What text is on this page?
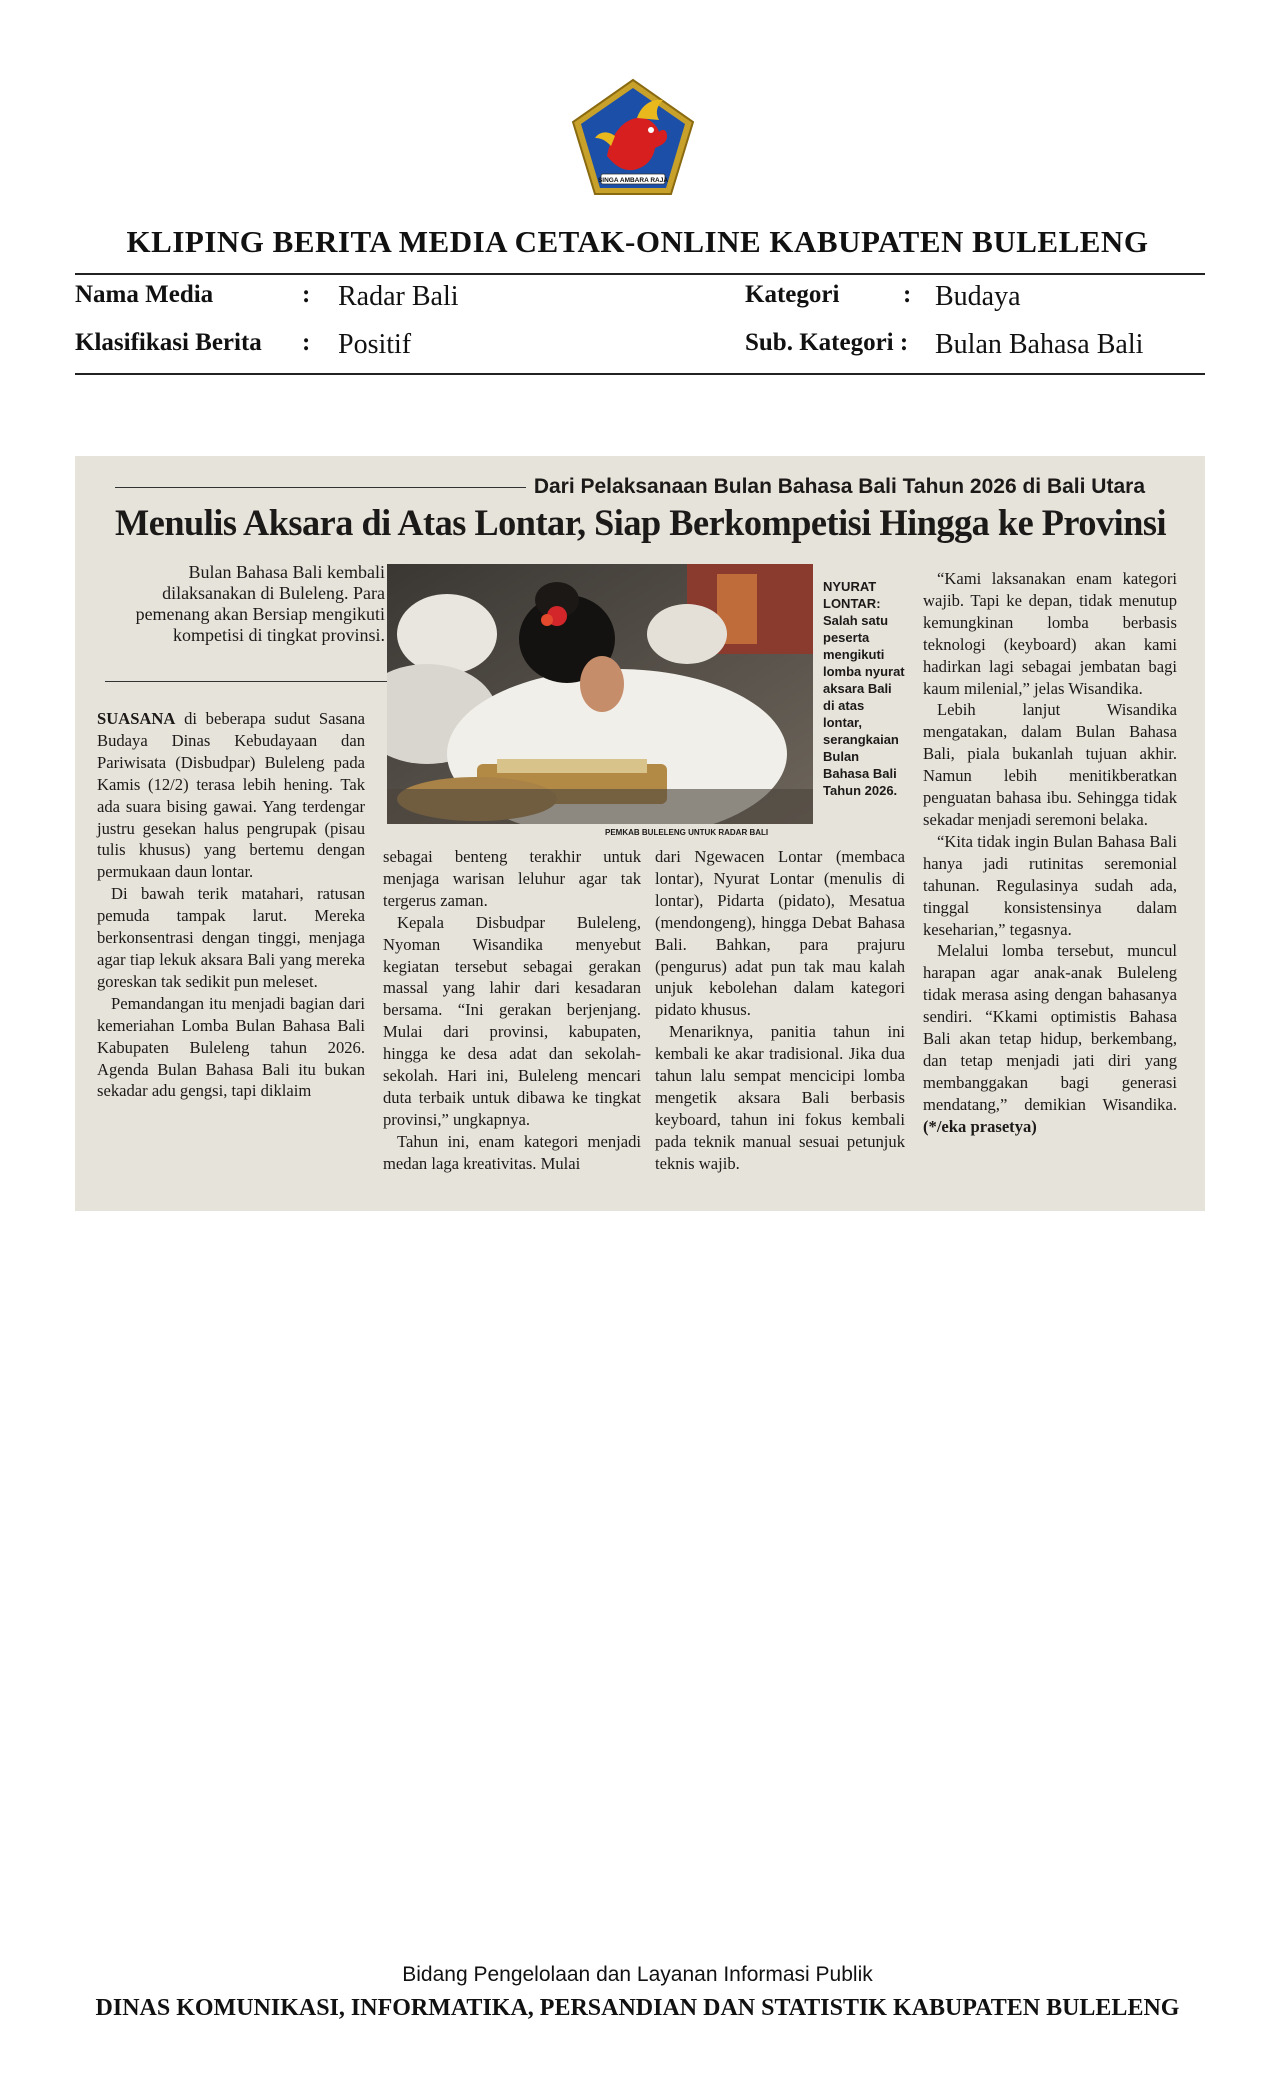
SINGA AMBARA RAJA
KLIPING BERITA MEDIA CETAK-ONLINE KABUPATEN BULELENG
Nama Media	: Radar Bali
Klasifikasi Berita : Positif
Kategori	: Budaya
Sub. Kategori : Bulan Bahasa Bali
Dari Pelaksanaan Bulan Bahasa Bali Tahun 2026 di Bali Utara
Menulis Aksara di Atas Lontar, Siap Berkompetisi Hingga ke Provinsi
Bulan Bahasa Bali kembali dilaksanakan di Buleleng. Para pemenang akan Bersiap mengikuti kompetisi di tingkat provinsi.
PEMKAB BULELENG UNTUK RADAR BALI
NYURAT LONTAR:
Salah satu peserta mengikuti lomba nyurat aksara Bali di atas lontar, serangkaian Bulan Bahasa Bali Tahun 2026.

SUASANA di beberapa sudut Sasana Budaya Dinas Kebudayaan dan Pariwisata (Disbudpar) Buleleng pada Kamis (12/2) terasa lebih hening. Tak ada suara bising gawai. Yang terdengar justru gesekan halus pengrupak (pisau tulis khusus) yang bertemu dengan permukaan daun lontar.

Di bawah terik matahari, ratusan pemuda tampak larut. Mereka berkonsentrasi dengan tinggi, menjaga agar tiap lekuk aksara Bali yang mereka goreskan tak sedikit pun meleset.

Pemandangan itu menjadi bagian dari kemeriahan Lomba Bulan Bahasa Bali Kabupaten Buleleng tahun 2026. Agenda Bulan Bahasa Bali itu bukan sekadar adu gengsi, tapi diklaim

sebagai benteng terakhir untuk menjaga warisan leluhur agar tak tergerus zaman.

Kepala Disbudpar Buleleng, Nyoman Wisandika menyebut kegiatan tersebut sebagai gerakan massal yang lahir dari kesadaran bersama. “Ini gerakan berjenjang. Mulai dari provinsi, kabupaten, hingga ke desa adat dan sekolah-sekolah. Hari ini, Buleleng mencari duta terbaik untuk dibawa ke tingkat provinsi,” ungkapnya.

Tahun ini, enam kategori menjadi medan laga kreativitas. Mulai

dari Ngewacen Lontar (membaca lontar), Nyurat Lontar (menulis di lontar), Pidarta (pidato), Mesatua (mendongeng), hingga Debat Bahasa Bali. Bahkan, para prajuru (pengurus) adat pun tak mau kalah unjuk kebolehan dalam kategori pidato khusus.

Menariknya, panitia tahun ini kembali ke akar tradisional. Jika dua tahun lalu sempat mencicipi lomba mengetik aksara Bali berbasis keyboard, tahun ini fokus kembali pada teknik manual sesuai petunjuk teknis wajib.

“Kami laksanakan enam kategori wajib. Tapi ke depan, tidak menutup kemungkinan lomba berbasis teknologi (keyboard) akan kami hadirkan lagi sebagai jembatan bagi kaum milenial,” jelas Wisandika.

Lebih lanjut Wisandika mengatakan, dalam Bulan Bahasa Bali, piala bukanlah tujuan akhir. Namun lebih menitikberatkan penguatan bahasa ibu. Sehingga tidak sekadar menjadi seremoni belaka.

“Kita tidak ingin Bulan Bahasa Bali hanya jadi rutinitas seremonial tahunan. Regulasinya sudah ada, tinggal konsistensinya dalam keseharian,” tegasnya.

Melalui lomba tersebut, muncul harapan agar anak-anak Buleleng tidak merasa asing dengan bahasanya sendiri. “Kkami optimistis Bahasa Bali akan tetap hidup, berkembang, dan tetap menjadi jati diri yang membanggakan bagi generasi mendatang,” demikian Wisandika. (*/eka prasetya)

Bidang Pengelolaan dan Layanan Informasi Publik
DINAS KOMUNIKASI, INFORMATIKA, PERSANDIAN DAN STATISTIK KABUPATEN BULELENG
